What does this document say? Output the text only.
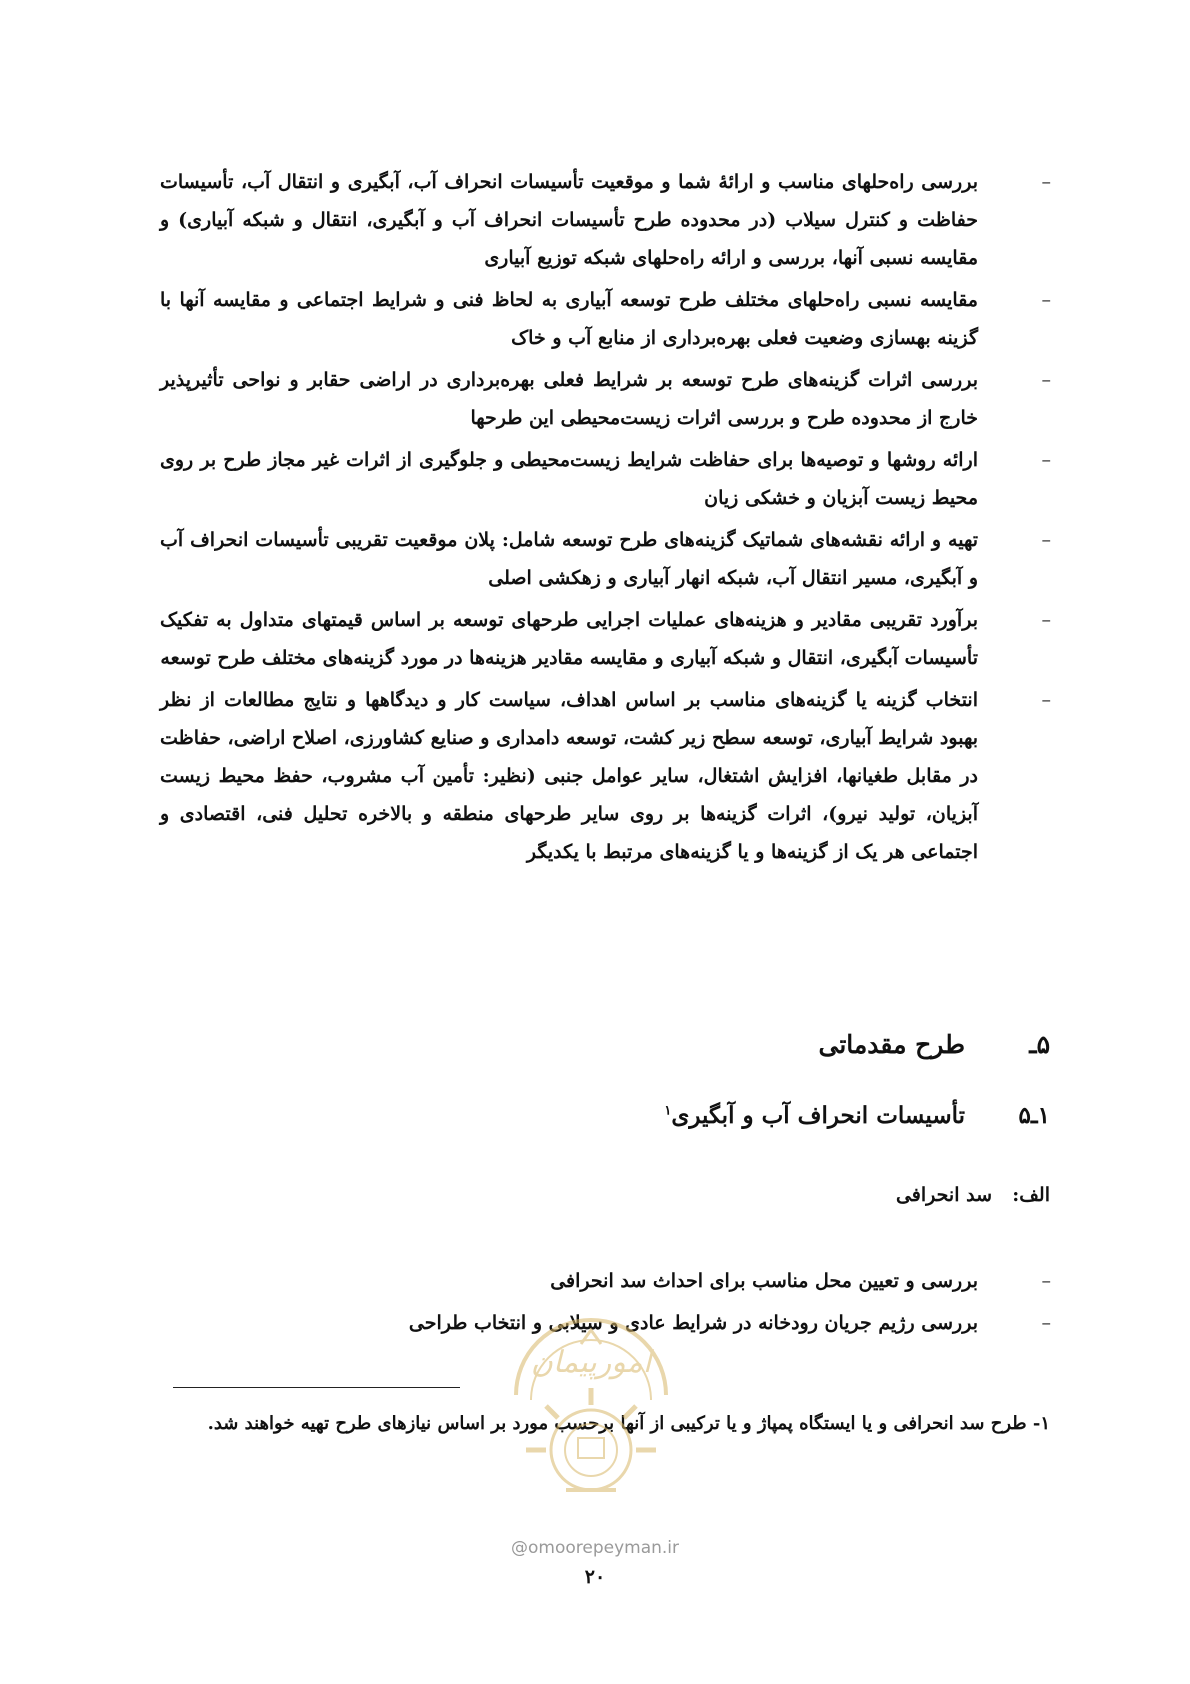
–
بررسی راه‌حلهای مناسب و ارائۀ شما و موقعیت تأسیسات انحراف آب، آبگیری و انتقال آب، تأسیسات حفاظت و کنترل سیلاب (در محدوده طرح تأسیسات انحراف آب و آبگیری، انتقال و شبکه آبیاری) و مقایسه نسبی آنها، بررسی و ارائه راه‌حلهای شبکه توزیع آبیاری
–
مقایسه نسبی راه‌حلهای مختلف طرح توسعه آبیاری به لحاظ فنی و شرایط اجتماعی و مقایسه آنها با گزینه بهسازی وضعیت فعلی بهره‌برداری از منابع آب و خاک
–
بررسی اثرات گزینه‌های طرح توسعه بر شرایط فعلی بهره‌برداری در اراضی حقابر و نواحی تأثیرپذیر خارج از محدوده طرح و بررسی اثرات زیست‌محیطی این طرحها
–
ارائه روشها و توصیه‌ها برای حفاظت شرایط زیست‌محیطی و جلوگیری از اثرات غیر مجاز طرح بر روی محیط زیست آبزیان و خشکی زیان
–
تهیه و ارائه نقشه‌های شماتیک گزینه‌های طرح توسعه شامل: پلان موقعیت تقریبی تأسیسات انحراف آب و آبگیری، مسیر انتقال آب، شبکه انهار آبیاری و زهکشی اصلی
–
برآورد تقریبی مقادیر و هزینه‌های عملیات اجرایی طرحهای توسعه بر اساس قیمتهای متداول به تفکیک تأسیسات آبگیری، انتقال و شبکه آبیاری و مقایسه مقادیر هزینه‌ها در مورد گزینه‌های مختلف طرح توسعه
–
انتخاب گزینه یا گزینه‌های مناسب بر اساس اهداف، سیاست کار و دیدگاهها و نتایج مطالعات از نظر بهبود شرایط آبیاری، توسعه سطح زیر کشت، توسعه دامداری و صنایع کشاورزی، اصلاح اراضی، حفاظت در مقابل طغیانها، افزایش اشتغال، سایر عوامل جنبی (نظیر: تأمین آب مشروب، حفظ محیط زیست آبزیان، تولید نیرو)، اثرات گزینه‌ها بر روی سایر طرحهای منطقه و بالاخره تحلیل فنی، اقتصادی و اجتماعی هر یک از گزینه‌ها و یا گزینه‌های مرتبط با یکدیگر
۵ـطرح مقدماتی
۱ـ۵تأسیسات انحراف آب و آبگیری$^۱$
الف:سد انحرافی
–
بررسی و تعیین محل مناسب برای احداث سد انحرافی
–
بررسی رژیم جریان رودخانه در شرایط عادی و سیلابی و انتخاب طراحی
۱- طرح سد انحرافی و یا ایستگاه پمپاژ و یا ترکیبی از آنها برحسب مورد بر اساس نیازهای طرح تهیه خواهند شد.
امورپیمان
@omoorepeyman.ir
۲۰
